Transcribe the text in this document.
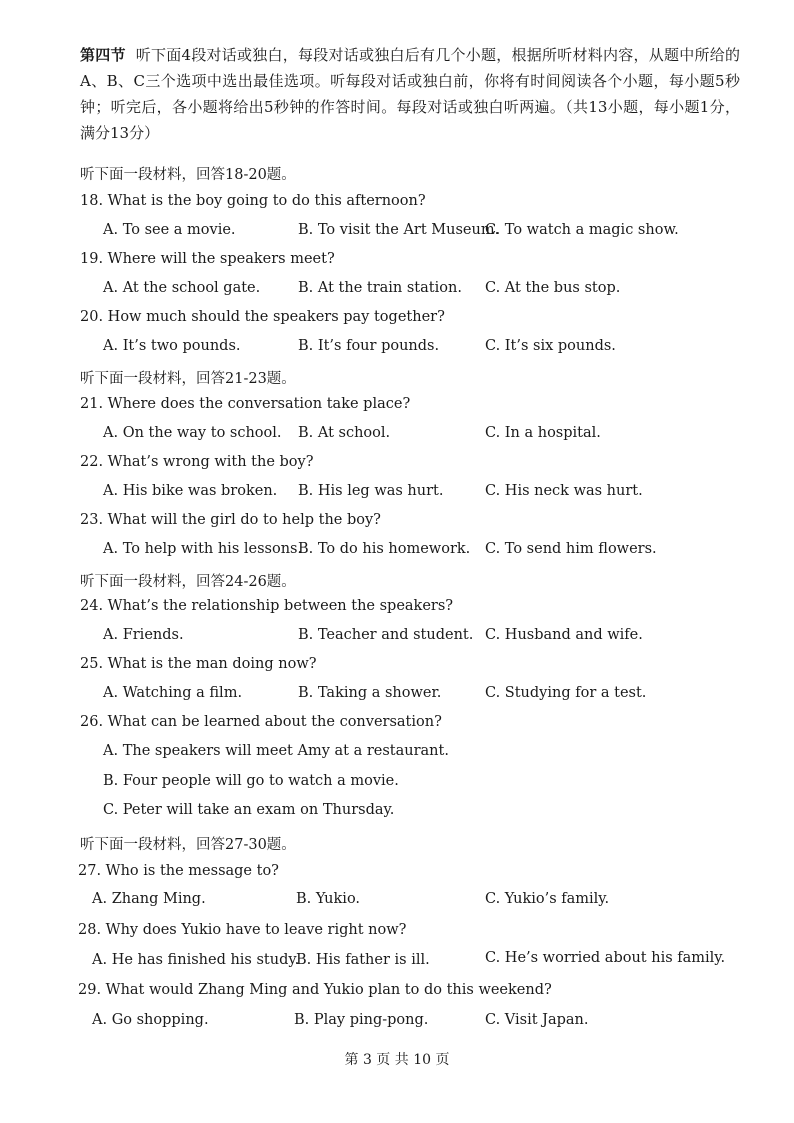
第四节 听下面4段对话或独白，每段对话或独白后有几个小题，根据所听材料内容，从题中所给的A、B、C三个选项中选出最佳选项。听每段对话或独白前，你将有时间阅读各个小题，每小题5秒钟；听完后，各小题将给出5秒钟的作答时间。每段对话或独白听两遍。（共13小题，每小题1分，满分13分）
听下面一段材料，回答18-20题。
18. What is the boy going to do this afternoon?
A. To see a movie.	B. To visit the Art Museum.
C. To watch a magic show.
19. Where will the speakers meet?
A. At the school gate.	B. At the train station. C. At the bus stop.
20. How much should the speakers pay together?
A. It’s two pounds.	B. It’s four pounds.	C. It’s six pounds.
听下面一段材料，回答21-23题。
21. Where does the conversation take place?
A. On the way to school. B. At school.	C. In a hospital.
22. What’s wrong with the boy?
A. His bike was broken. B. His leg was hurt.	C. His neck was hurt.
23. What will the girl do to help the boy?
A. To help with his lessons.
B. To do his homework. C. To send him flowers.
听下面一段材料，回答24-26题。
24. What’s the relationship between the speakers?
A. Friends.	B. Teacher and student. C. Husband and wife.
25. What is the man doing now?
A. Watching a film.	B. Taking a shower.	C. Studying for a test.
26. What can be learned about the conversation?
A. The speakers will meet Amy at a restaurant.
B. Four people will go to watch a movie.
C. Peter will take an exam on Thursday.
听下面一段材料，回答27-30题。
27. Who is the message to?
A. Zhang Ming.	B. Yukio.	C. Yukio’s family.
28. Why does Yukio have to leave right now?
A. He has finished his study.
B. His father is ill.	C. He’s worried about his family.
29. What would Zhang Ming and Yukio plan to do this weekend?
A. Go shopping.	B. Play ping-pong.	C. Visit Japan.
第 3 页 共 10 页
